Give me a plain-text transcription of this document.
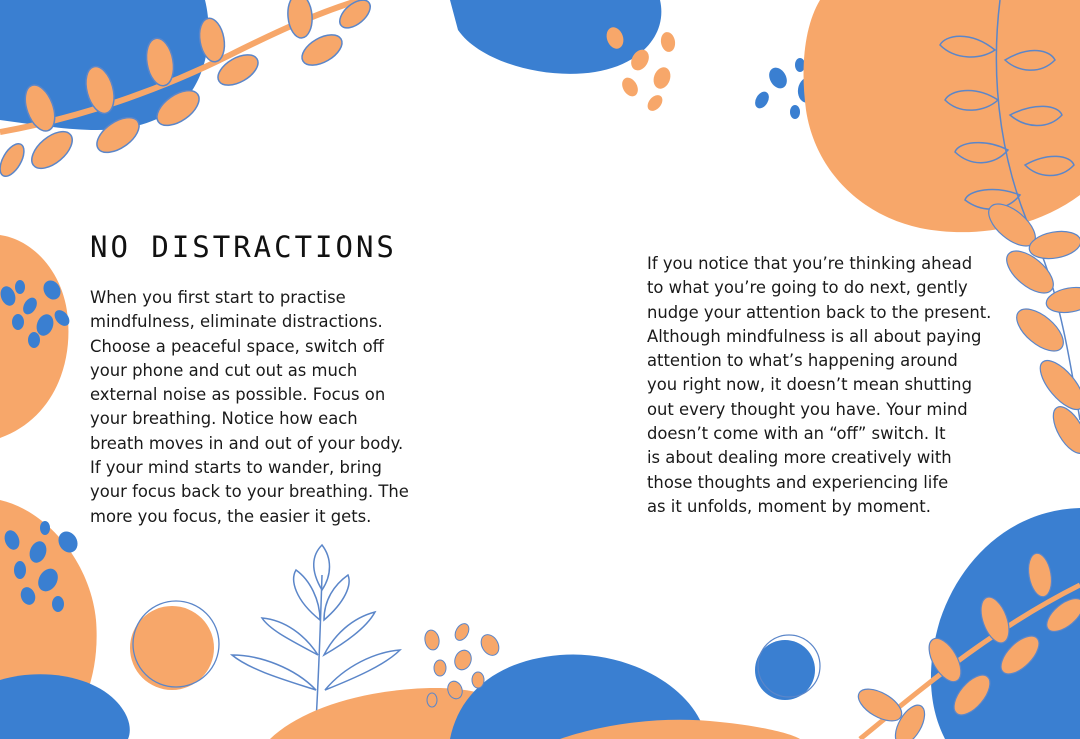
NO DISTRACTIONS
When you first start to practise
mindfulness, eliminate distractions.
Choose a peaceful space, switch off
your phone and cut out as much
external noise as possible. Focus on
your breathing. Notice how each
breath moves in and out of your body.
If your mind starts to wander, bring
your focus back to your breathing. The
more you focus, the easier it gets.
If you notice that you’re thinking ahead
to what you’re going to do next, gently
nudge your attention back to the present.
Although mindfulness is all about paying
attention to what’s happening around
you right now, it doesn’t mean shutting
out every thought you have. Your mind
doesn’t come with an “off” switch. It
is about dealing more creatively with
those thoughts and experiencing life
as it unfolds, moment by moment.
